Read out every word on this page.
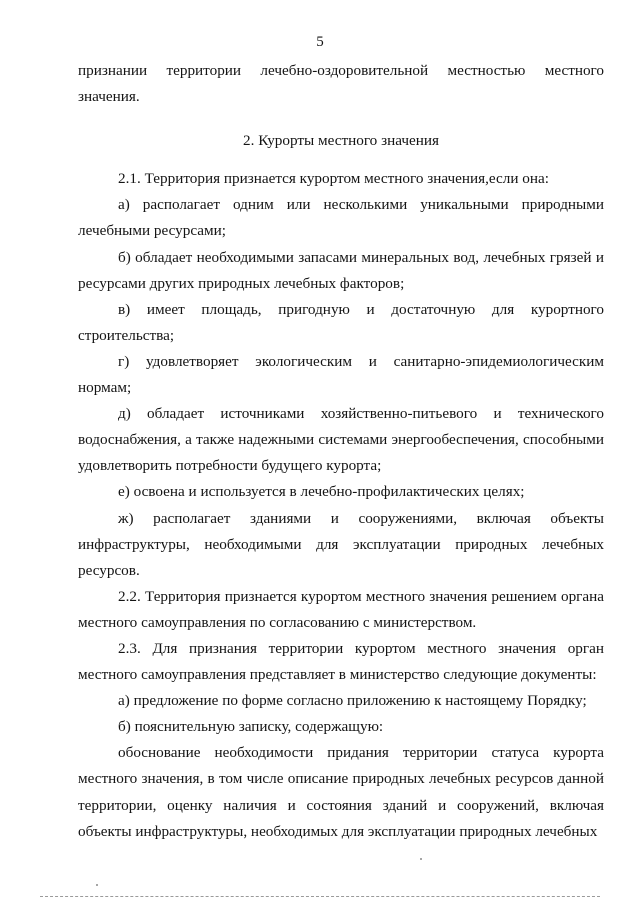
5

признании территории лечебно-оздоровительной местностью местного значения.

2. Курорты местного значения

2.1. Территория признается курортом местного значения,если она:

а) располагает одним или несколькими уникальными природными лечебными ресурсами;

б) обладает необходимыми запасами минеральных вод, лечебных грязей и ресурсами других природных лечебных факторов;

в) имеет площадь, пригодную и достаточную для курортного строительства;

г) удовлетворяет экологическим и санитарно-эпидемиологическим нормам;

д) обладает источниками хозяйственно-питьевого и технического водоснабжения, а также надежными системами энергообеспечения, способными удовлетворить потребности будущего курорта;

е) освоена и используется в лечебно-профилактических целях;

ж) располагает зданиями и сооружениями, включая объекты инфраструктуры, необходимыми для эксплуатации природных лечебных ресурсов.

2.2. Территория признается курортом местного значения решением органа местного самоуправления по согласованию с министерством.

2.3. Для признания территории курортом местного значения орган местного самоуправления представляет в министерство следующие документы:

а) предложение по форме согласно приложению к настоящему Порядку;

б) пояснительную записку, содержащую:

обоснование необходимости придания территории статуса курорта местного значения, в том числе описание природных лечебных ресурсов данной территории, оценку наличия и состояния зданий и сооружений, включая объекты инфраструктуры, необходимых для эксплуатации природных лечебных
